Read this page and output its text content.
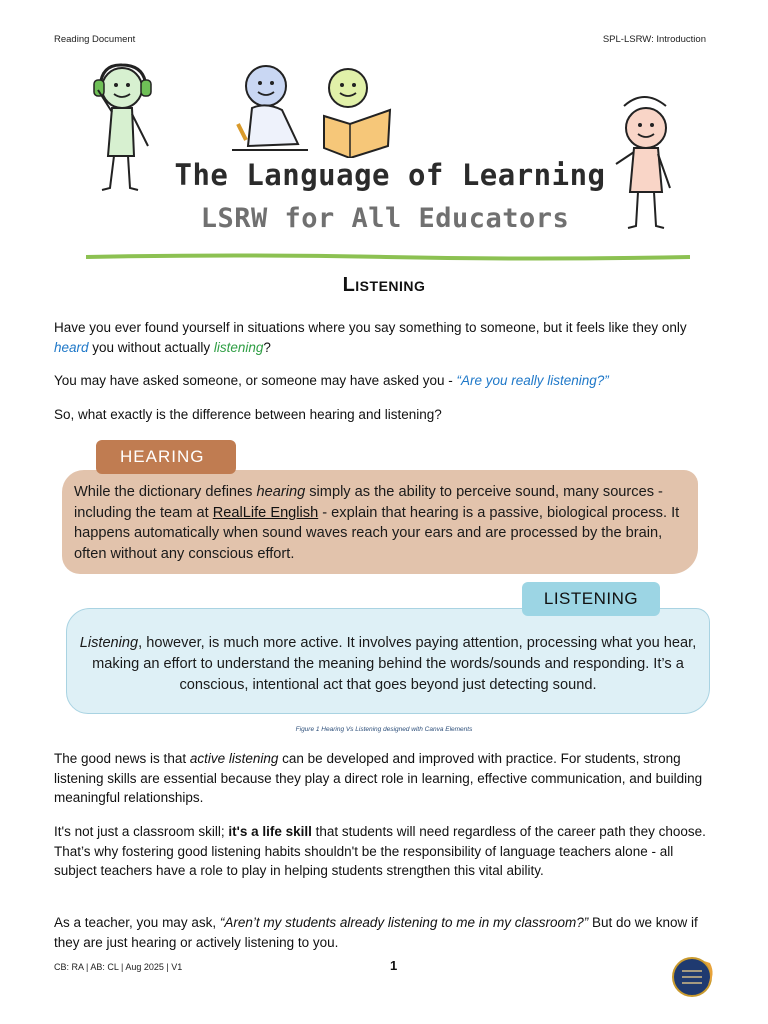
Reading Document	SPL-LSRW: Introduction
The Language of Learning
LSRW for All Educators
Listening

Have you ever found yourself in situations where you say something to someone, but it feels like they only heard you without actually listening?

You may have asked someone, or someone may have asked you - “Are you really listening?”

So, what exactly is the difference between hearing and listening?

HEARING

While the dictionary defines hearing simply as the ability to perceive sound, many sources - including the team at RealLife English - explain that hearing is a passive, biological process. It happens automatically when sound waves reach your ears and are processed by the brain, often without any conscious effort.

LISTENING

Listening, however, is much more active. It involves paying attention, processing what you hear, making an effort to understand the meaning behind the words/sounds and responding. It’s a conscious, intentional act that goes beyond just detecting sound.

Figure 1 Hearing Vs Listening designed with Canva Elements

The good news is that active listening can be developed and improved with practice. For students, strong listening skills are essential because they play a direct role in learning, effective communication, and building meaningful relationships.

It's not just a classroom skill; it's a life skill that students will need regardless of the career path they choose. That’s why fostering good listening habits shouldn't be the responsibility of language teachers alone - all subject teachers have a role to play in helping students strengthen this vital ability.

As a teacher, you may ask, “Aren’t my students already listening to me in my classroom?” But do we know if they are just hearing or actively listening to you.

CB: RA | AB: CL | Aug 2025 | V1	1
